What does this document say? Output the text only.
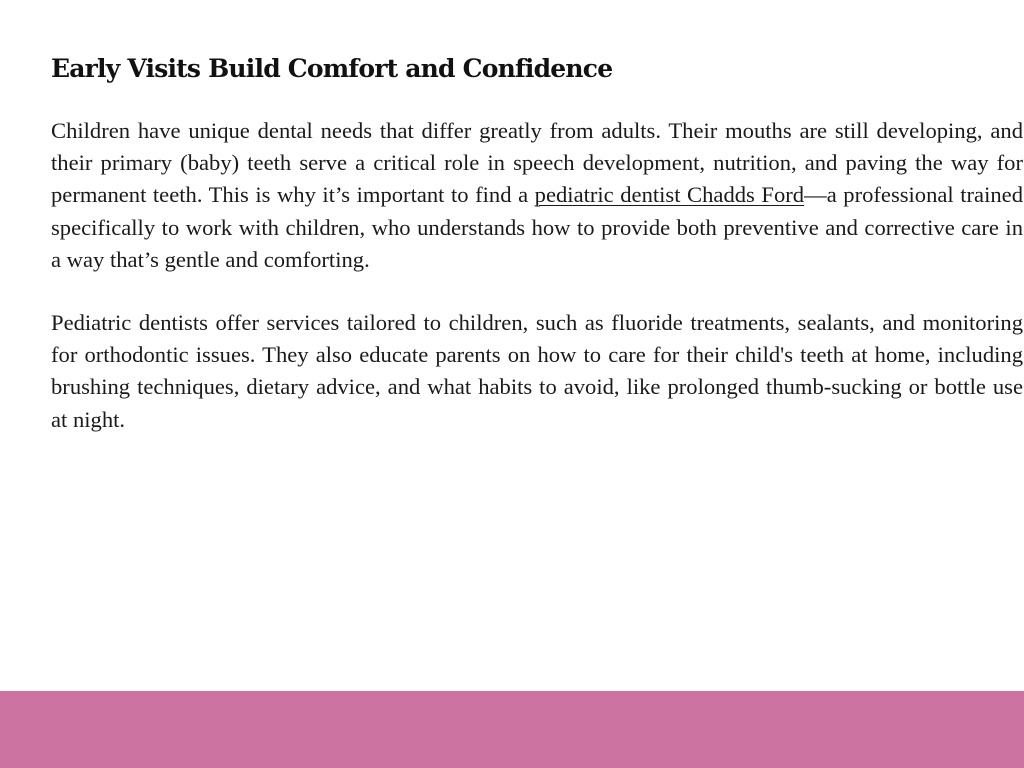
Early Visits Build Comfort and Confidence

Children have unique dental needs that differ greatly from adults. Their mouths are still developing, and their primary (baby) teeth serve a critical role in speech development, nutrition, and paving the way for permanent teeth. This is why it’s important to find a pediatric dentist Chadds Ford—a professional trained specifically to work with children, who understands how to provide both preventive and corrective care in a way that’s gentle and comforting.

Pediatric dentists offer services tailored to children, such as fluoride treatments, sealants, and monitoring for orthodontic issues. They also educate parents on how to care for their child's teeth at home, including brushing techniques, dietary advice, and what habits to avoid, like prolonged thumb-sucking or bottle use at night.
